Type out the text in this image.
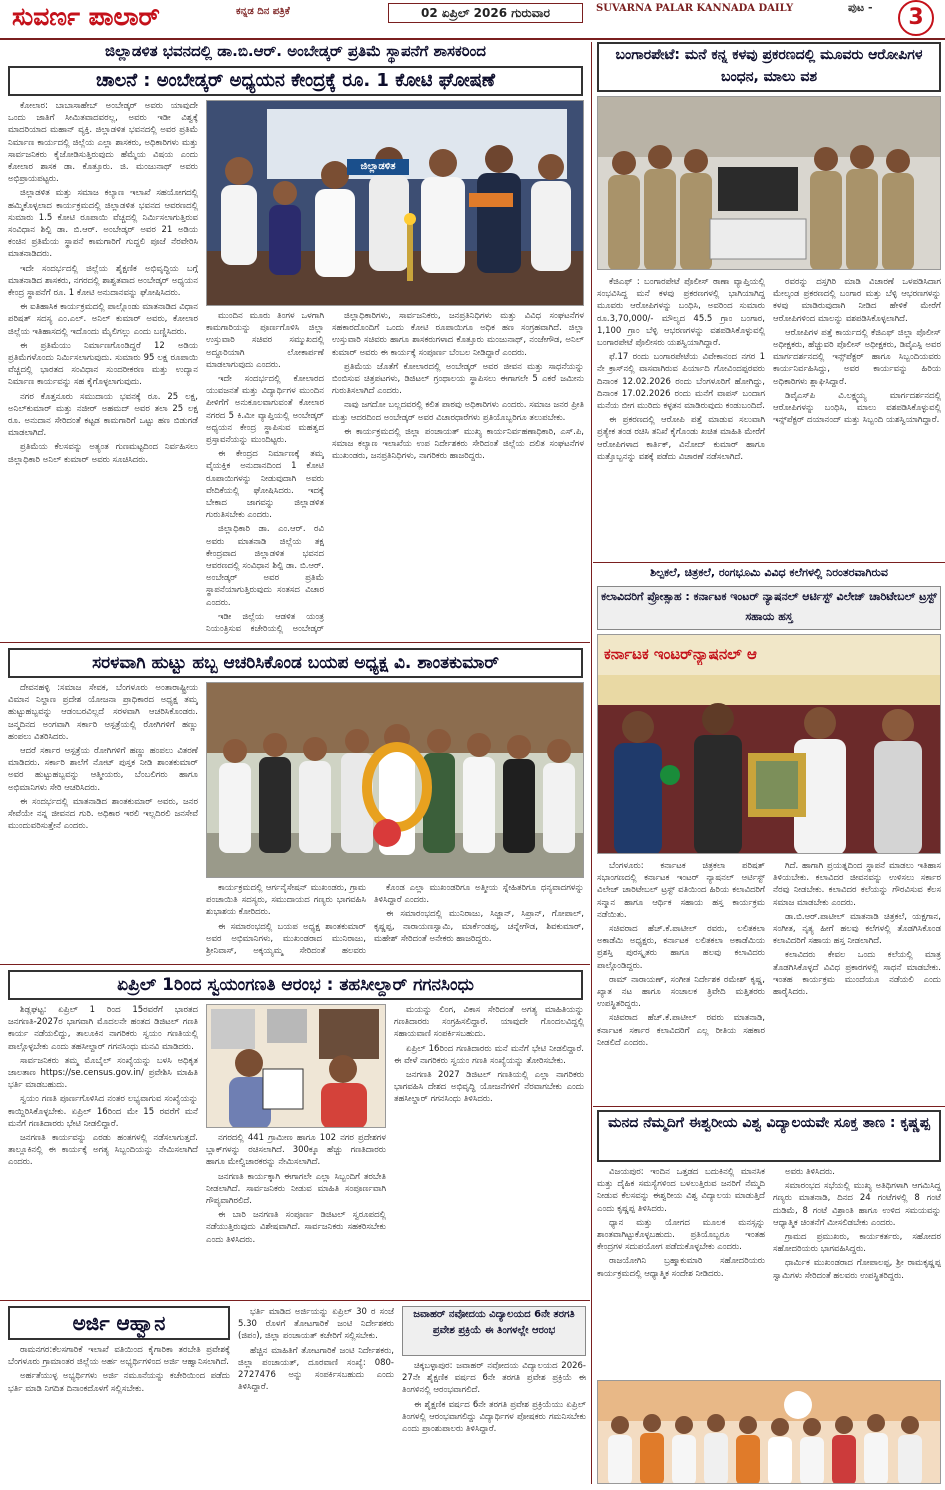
ಸುವರ್ಣ ಪಾಲಾರ್	ಕನ್ನಡ ದಿನ ಪತ್ರಿಕೆ	02 ಏಪ್ರಿಲ್ 2026 ಗುರುವಾರ	SUVARNA PALAR KANNADA DAILY	ಪುಟ -	3
ಜಿಲ್ಲಾಡಳಿತ ಭವನದಲ್ಲಿ ಡಾ.ಬಿ.ಆರ್. ಅಂಬೇಡ್ಕರ್ ಪ್ರತಿಮೆ ಸ್ಥಾಪನೆಗೆ ಶಾಸಕರಿಂದ
ಚಾಲನೆ : ಅಂಬೇಡ್ಕರ್ ಅಧ್ಯಯನ ಕೇಂದ್ರಕ್ಕೆ ರೂ. 1 ಕೋಟಿ ಘೋಷಣೆ

ಕೋಲಾರ: ಬಾಬಾಸಾಹೇಬ್ ಅಂಬೇಡ್ಕರ್ ಅವರು ಯಾವುದೇ ಒಂದು ಜಾತಿಗೆ ಸೀಮಿತವಾದವರಲ್ಲ, ಅವರು ಇಡೀ ವಿಶ್ವಕ್ಕೆ ಮಾದರಿಯಾದ ಮಹಾನ್ ವ್ಯಕ್ತಿ. ಜಿಲ್ಲಾಡಳಿತ ಭವನದಲ್ಲಿ ಅವರ ಪ್ರತಿಮೆ ನಿರ್ಮಾಣ ಕಾರ್ಯದಲ್ಲಿ ಜಿಲ್ಲೆಯ ಎಲ್ಲಾ ಶಾಸಕರು, ಅಧಿಕಾರಿಗಳು ಮತ್ತು ಸಾರ್ವಜನಿಕರು ಕೈಜೋಡಿಸುತ್ತಿರುವುದು ಹೆಮ್ಮೆಯ ವಿಷಯ ಎಂದು ಕೋಲಾರ ಶಾಸಕ ಡಾ. ಕೊತ್ತೂರು. ಜಿ. ಮಂಜುನಾಥ್ ಅವರು ಅಭಿಪ್ರಾಯಪಟ್ಟರು.

ಜಿಲ್ಲಾಡಳಿತ ಮತ್ತು ಸಮಾಜ ಕಲ್ಯಾಣ ಇಲಾಖೆ ಸಹಯೋಗದಲ್ಲಿ ಹಮ್ಮಿಕೊಳ್ಳಲಾದ ಕಾರ್ಯಕ್ರಮದಲ್ಲಿ ಜಿಲ್ಲಾಡಳಿತ ಭವನದ ಆವರಣದಲ್ಲಿ ಸುಮಾರು 1.5 ಕೋಟಿ ರೂಪಾಯಿ ವೆಚ್ಚದಲ್ಲಿ ನಿರ್ಮಿಸಲಾಗುತ್ತಿರುವ ಸಂವಿಧಾನ ಶಿಲ್ಪಿ ಡಾ. ಬಿ.ಆರ್. ಅಂಬೇಡ್ಕರ್ ಅವರ 21 ಅಡಿಯ ಕಂಚಿನ ಪ್ರತಿಮೆಯ ಸ್ಥಾಪನೆ ಕಾಮಗಾರಿಗೆ ಗುದ್ದಲಿ ಪೂಜೆ ನೆರವೇರಿಸಿ ಮಾತನಾಡಿದರು.

ಇದೇ ಸಂದರ್ಭದಲ್ಲಿ ಜಿಲ್ಲೆಯ ಶೈಕ್ಷಣಿಕ ಅಭಿವೃದ್ಧಿಯ ಬಗ್ಗೆ ಮಾತನಾಡಿದ ಶಾಸಕರು, ನಗರದಲ್ಲಿ ಶಾಶ್ವತವಾದ ಅಂಬೇಡ್ಕರ್ ಅಧ್ಯಯನ ಕೇಂದ್ರ ಸ್ಥಾಪನೆಗೆ ರೂ. 1 ಕೋಟಿ ಅನುದಾನವನ್ನು ಘೋಷಿಸಿದರು.

ಈ ಐತಿಹಾಸಿಕ ಕಾರ್ಯಕ್ರಮದಲ್ಲಿ ಪಾಲ್ಗೊಂಡು ಮಾತನಾಡಿದ ವಿಧಾನ ಪರಿಷತ್ ಸದಸ್ಯ ಎಂ.ಎಲ್. ಅನಿಲ್ ಕುಮಾರ್ ಅವರು, ಕೋಲಾರ ಜಿಲ್ಲೆಯ ಇತಿಹಾಸದಲ್ಲಿ ಇದೊಂದು ಮೈಲಿಗಲ್ಲು ಎಂದು ಬಣ್ಣಿಸಿದರು.

ಈ ಪ್ರತಿಮೆಯು ನಿರ್ಮಾಣಗೊಂಡಿದ್ದರೆ 12 ಅಡಿಯ ಪ್ರತಿಮೆಗಳೊಂದು ನಿರ್ಮಿಸಲಾಗುವುದು. ಸುಮಾರು 95 ಲಕ್ಷ ರೂಪಾಯಿ ವೆಚ್ಚದಲ್ಲಿ ಭಾರತದ ಸಂವಿಧಾನ ಸುಂದರೀಕರಣ ಮತ್ತು ಉದ್ಯಾನ ನಿರ್ಮಾಣ ಕಾರ್ಯವನ್ನು ಸಹ ಕೈಗೊಳ್ಳಲಾಗುವುದು.

ನಗರ ಕೊತ್ತನೂರು ಸಮುದಾಯ ಭವನಕ್ಕೆ ರೂ. 25 ಲಕ್ಷ, ಅನಿಲ್‌ಕುಮಾರ್ ಮತ್ತು ನಜೀರ್ ಅಹಮದ್ ಅವರ ತಲಾ 25 ಲಕ್ಷ ರೂ. ಅನುದಾನ ಸೇರಿದಂತೆ ಕಟ್ಟಡ ಕಾಮಗಾರಿಗೆ ಒಟ್ಟು ಹಣ ಬಿಡುಗಡೆ ಮಾಡಲಾಗಿದೆ.

ಪ್ರತಿಮೆಯ ಕೆಲಸವನ್ನು ಅತ್ಯಂತ ಗುಣಮಟ್ಟದಿಂದ ನಿರ್ವಹಿಸಲು ಜಿಲ್ಲಾಧಿಕಾರಿ ಅನಿಲ್ ಕುಮಾರ್ ಅವರು ಸೂಚಿಸಿದರು.

ಜಿಲ್ಲಾಡಳಿತ

ಮುಂದಿನ ಮೂರು ತಿಂಗಳ ಒಳಗಾಗಿ ಕಾಮಗಾರಿಯನ್ನು ಪೂರ್ಣಗೊಳಿಸಿ ಜಿಲ್ಲಾ ಉಸ್ತುವಾರಿ ಸಚಿವರ ಸಮ್ಮುಖದಲ್ಲಿ ಅದ್ದೂರಿಯಾಗಿ ಲೋಕಾರ್ಪಣೆ ಮಾಡಲಾಗುವುದು ಎಂದರು.

ಇದೇ ಸಂದರ್ಭದಲ್ಲಿ ಕೋಲಾರದ ಯುವಜನತೆ ಮತ್ತು ವಿದ್ಯಾರ್ಥಿಗಳ ಮುಂದಿನ ಪೀಳಿಗೆಗೆ ಅನುಕೂಲವಾಗುವಂತೆ ಕೋಲಾರ ನಗರದ 5 ಕಿ.ಮೀ ವ್ಯಾಪ್ತಿಯಲ್ಲಿ ಅಂಬೇಡ್ಕರ್ ಅಧ್ಯಯನ ಕೇಂದ್ರ ಸ್ಥಾಪಿಸುವ ಮಹತ್ವದ ಪ್ರಸ್ತಾವನೆಯನ್ನು ಮುಂದಿಟ್ಟರು.

ಈ ಕೇಂದ್ರದ ನಿರ್ಮಾಣಕ್ಕೆ ತಮ್ಮ ವೈಯಕ್ತಿಕ ಅನುದಾನದಿಂದ 1 ಕೋಟಿ ರೂಪಾಯಿಗಳನ್ನು ನೀಡುವುದಾಗಿ ಅವರು ವೇದಿಕೆಯಲ್ಲಿ ಘೋಷಿಸಿದರು. ಇದಕ್ಕೆ ಬೇಕಾದ ಜಾಗವನ್ನು ಜಿಲ್ಲಾಡಳಿತ ಗುರುತಿಸಬೇಕು ಎಂದರು.

ಜಿಲ್ಲಾಧಿಕಾರಿ ಡಾ. ಎಂ.ಆರ್. ರವಿ ಅವರು ಮಾತನಾಡಿ ಜಿಲ್ಲೆಯ ತಕ್ಷ ಕೇಂದ್ರವಾದ ಜಿಲ್ಲಾಡಳಿತ ಭವನದ ಆವರಣದಲ್ಲಿ ಸಂವಿಧಾನ ಶಿಲ್ಪಿ ಡಾ. ಬಿ.ಆರ್. ಅಂಬೇಡ್ಕರ್ ಅವರ ಪ್ರತಿಮೆ ಸ್ಥಾಪನೆಯಾಗುತ್ತಿರುವುದು ಸಂತಸದ ವಿಚಾರ ಎಂದರು.

ಇಡೀ ಜಿಲ್ಲೆಯ ಆಡಳಿತ ಯಂತ್ರ ನಿಯಂತ್ರಿಸುವ ಕಚೇರಿಯಲ್ಲಿ ಅಂಬೇಡ್ಕರ್

ಜಿಲ್ಲಾಧಿಕಾರಿಗಳು, ಸಾರ್ವಜನಿಕರು, ಜನಪ್ರತಿನಿಧಿಗಳು ಮತ್ತು ವಿವಿಧ ಸಂಘಟನೆಗಳ ಸಹಕಾರದೊಂದಿಗೆ ಒಂದು ಕೋಟಿ ರೂಪಾಯಿಗೂ ಅಧಿಕ ಹಣ ಸಂಗ್ರಹವಾಗಿದೆ. ಜಿಲ್ಲಾ ಉಸ್ತುವಾರಿ ಸಚಿವರು ಹಾಗೂ ಶಾಸಕರುಗಳಾದ ಕೊತ್ತೂರು ಮಂಜುನಾಥ್, ನಂಜೇಗೌಡ, ಅನಿಲ್ ಕುಮಾರ್ ಅವರು ಈ ಕಾರ್ಯಕ್ಕೆ ಸಂಪೂರ್ಣ ಬೆಂಬಲ ನೀಡಿದ್ದಾರೆ ಎಂದರು.

ಪ್ರತಿಮೆಯ ಜೊತೆಗೆ ಕೋಲಾರದಲ್ಲಿ ಅಂಬೇಡ್ಕರ್ ಅವರ ಜೀವನ ಮತ್ತು ಸಾಧನೆಯನ್ನು ಬಿಂಬಿಸುವ ಚಿತ್ರಪಟಗಳು, ಡಿಜಿಟಲ್ ಗ್ರಂಥಾಲಯ ಸ್ಥಾಪಿಸಲು ಈಗಾಗಲೇ 5 ಎಕರೆ ಜಮೀನು ಗುರುತಿಸಲಾಗಿದೆ ಎಂದರು.

ನಾವು ಜಗದೋ ಬಲ್ಲದವರಲ್ಲಿ ಕಲಿತ ಪಾಠವು ಅಧಿಕಾರಿಗಳು ಎಂದರು. ಸಮಾಜ ಜನರ ಪ್ರೀತಿ ಮತ್ತು ಆದರದಿಂದ ಅಂಬೇಡ್ಕರ್ ಅವರ ವಿಚಾರಧಾರೆಗಳು ಪ್ರತಿಯೊಬ್ಬರಿಗೂ ತಲುಪಬೇಕು.

ಈ ಕಾರ್ಯಕ್ರಮದಲ್ಲಿ ಜಿಲ್ಲಾ ಪಂಚಾಯತ್ ಮುಖ್ಯ ಕಾರ್ಯನಿರ್ವಹಣಾಧಿಕಾರಿ, ಎಸ್.ಪಿ, ಸಮಾಜ ಕಲ್ಯಾಣ ಇಲಾಖೆಯ ಉಪ ನಿರ್ದೇಶಕರು ಸೇರಿದಂತೆ ಜಿಲ್ಲೆಯ ದಲಿತ ಸಂಘಟನೆಗಳ ಮುಖಂಡರು, ಜನಪ್ರತಿನಿಧಿಗಳು, ನಾಗರಿಕರು ಹಾಜರಿದ್ದರು.

ಸರಳವಾಗಿ ಹುಟ್ಟು ಹಬ್ಬ ಆಚರಿಸಿಕೊಂಡ ಬಯಪ ಅಧ್ಯಕ್ಷ ವಿ. ಶಾಂತಕುಮಾರ್

ದೇವನಹಳ್ಳಿ :ಸಮಾಜ ಸೇವಕ, ಬೆಂಗಳೂರು ಅಂತಾರಾಷ್ಟ್ರೀಯ ವಿಮಾನ ನಿಲ್ದಾಣ ಪ್ರದೇಶ ಯೋಜನಾ ಪ್ರಾಧಿಕಾರದ ಅಧ್ಯಕ್ಷ ತಮ್ಮ ಹುಟ್ಟುಹಬ್ಬವನ್ನು ಆಡಂಬರವಿಲ್ಲದೆ ಸರಳವಾಗಿ ಆಚರಿಸಿಕೊಂಡರು. ಜನ್ಮದಿನದ ಅಂಗವಾಗಿ ಸರ್ಕಾರಿ ಆಸ್ಪತ್ರೆಯಲ್ಲಿ ರೋಗಿಗಳಿಗೆ ಹಣ್ಣು ಹಂಪಲು ವಿತರಿಸಿದರು.

ಆದರೆ ಸರ್ಕಾರ ಆಸ್ಪತ್ರೆಯ ರೋಗಿಗಳಿಗೆ ಹಣ್ಣು ಹಂಪಲು ವಿತರಣೆ ಮಾಡಿದರು. ಸರ್ಕಾರಿ ಶಾಲೆಗೆ ನೋಟ್ ಪುಸ್ತಕ ನೀಡಿ ಶಾಂತಕುಮಾರ್ ಅವರ ಹುಟ್ಟುಹಬ್ಬವನ್ನು ಆತ್ಮೀಯರು, ಬೆಂಬಲಿಗರು ಹಾಗೂ ಅಭಿಮಾನಿಗಳು ಸೇರಿ ಆಚರಿಸಿದರು.

ಈ ಸಂದರ್ಭದಲ್ಲಿ ಮಾತನಾಡಿದ ಶಾಂತಕುಮಾರ್ ಅವರು, ಜನರ ಸೇವೆಯೇ ನನ್ನ ಜೀವನದ ಗುರಿ. ಅಧಿಕಾರ ಇರಲಿ ಇಲ್ಲದಿರಲಿ ಜನಸೇವೆ ಮುಂದುವರಿಸುತ್ತೇನೆ ಎಂದರು.

ಕಾರ್ಯಕ್ರಮದಲ್ಲಿ ಆರ್ಗನೈಸೇಷನ್ ಮುಖಂಡರು, ಗ್ರಾಮ ಪಂಚಾಯಿತಿ ಸದಸ್ಯರು, ಸಮುದಾಯದ ಗಣ್ಯರು ಭಾಗವಹಿಸಿ ಶುಭಾಶಯ ಕೋರಿದರು.

ಈ ಸಮಾರಂಭದಲ್ಲಿ ಬಯಪ ಅಧ್ಯಕ್ಷ ಶಾಂತಕುಮಾರ್ ಅವರ ಅಭಿಮಾನಿಗಳು, ಮುಖಂಡರಾದ ಮುನಿರಾಜು, ಶ್ರೀನಿವಾಸ್, ಅಕ್ಕಯ್ಯಮ್ಮ ಸೇರಿದಂತೆ ಹಲವರು

ಕೊಂಡ ಎಲ್ಲಾ ಮುಖಂಡರಿಗೂ ಅತ್ಮೀಯ ಸ್ನೇಹಿತರಿಗೂ ಧನ್ಯವಾದಗಳನ್ನು ತಿಳಿಸಿದ್ದಾರೆ ಎಂದರು.

ಈ ಸಮಾರಂಭದಲ್ಲಿ ಮುನಿರಾಜು, ಸಿಜ್ಜಾನ್, ಸಿಪ್ರಾನ್, ಗೋಪಾಲ್, ಕೃಷ್ಣಪ್ಪ, ನಾರಾಯಣಸ್ವಾಮಿ, ಮಾರ್ಕೆಂಡಪ್ಪ, ಚನ್ನೇಗೌಡ, ಶಿವಕುಮಾರ್, ಮಹೇಶ್ ಸೇರಿದಂತೆ ಅನೇಕರು ಹಾಜರಿದ್ದರು.

ಏಪ್ರಿಲ್ 1ರಿಂದ ಸ್ವಯಂಗಣತಿ ಆರಂಭ : ತಹಸೀಲ್ದಾರ್ ಗಗನಸಿಂಧು

ಶಿಡ್ಲಘಟ್ಟ: ಏಪ್ರಿಲ್ 1 ರಿಂದ 15ರವರೆಗೆ ಭಾರತದ ಜನಗಣತಿ-2027ರ ಭಾಗವಾಗಿ ಮೊದಲನೇ ಹಂತದ ಡಿಜಿಟಲ್ ಗಣತಿ ಕಾರ್ಯ ನಡೆಯಲಿದ್ದು, ತಾಲೂಕಿನ ನಾಗರಿಕರು ಸ್ವಯಂ ಗಣತಿಯಲ್ಲಿ ಪಾಲ್ಗೊಳ್ಳಬೇಕು ಎಂದು ತಹಸೀಲ್ದಾರ್ ಗಗನಸಿಂಧು ಮನವಿ ಮಾಡಿದರು.

ಸಾರ್ವಜನಿಕರು ತಮ್ಮ ಮೊಬೈಲ್ ಸಂಖ್ಯೆಯನ್ನು ಬಳಸಿ ಅಧಿಕೃತ ಜಾಲತಾಣ https://se.census.gov.in/ ಪ್ರವೇಶಿಸಿ ಮಾಹಿತಿ ಭರ್ತಿ ಮಾಡಬಹುದು.

ಸ್ವಯಂ ಗಣತಿ ಪೂರ್ಣಗೊಳಿಸಿದ ನಂತರ ಲಭ್ಯವಾಗುವ ಸಂಖ್ಯೆಯನ್ನು ಕಾಯ್ದಿರಿಸಿಕೊಳ್ಳಬೇಕು. ಏಪ್ರಿಲ್ 16ರಿಂದ ಮೇ 15 ರವರೆಗೆ ಮನೆ ಮನೆಗೆ ಗಣತಿದಾರರು ಭೇಟಿ ನೀಡಲಿದ್ದಾರೆ.

ಜನಗಣತಿ ಕಾರ್ಯವನ್ನು ಎರಡು ಹಂತಗಳಲ್ಲಿ ನಡೆಸಲಾಗುತ್ತದೆ. ತಾಲ್ಲೂಕಿನಲ್ಲಿ ಈ ಕಾರ್ಯಕ್ಕೆ ಅಗತ್ಯ ಸಿಬ್ಬಂದಿಯನ್ನು ನೇಮಿಸಲಾಗಿದೆ ಎಂದರು.

ನಗರದಲ್ಲಿ 441 ಗ್ರಾಮೀಣ ಹಾಗೂ 102 ನಗರ ಪ್ರದೇಶಗಳ ಬ್ಲಾಕ್‌ಗಳನ್ನು ರಚಿಸಲಾಗಿದೆ. 300ಕ್ಕೂ ಹೆಚ್ಚು ಗಣತಿದಾರರು ಹಾಗೂ ಮೇಲ್ವಿಚಾರಕರನ್ನು ನೇಮಿಸಲಾಗಿದೆ.

ಜನಗಣತಿ ಕಾರ್ಯಕ್ಕಾಗಿ ಈಗಾಗಲೇ ಎಲ್ಲಾ ಸಿಬ್ಬಂದಿಗೆ ತರಬೇತಿ ನೀಡಲಾಗಿದೆ. ಸಾರ್ವಜನಿಕರು ನೀಡುವ ಮಾಹಿತಿ ಸಂಪೂರ್ಣವಾಗಿ ಗೌಪ್ಯವಾಗಿರಲಿದೆ.

ಈ ಬಾರಿ ಜನಗಣತಿ ಸಂಪೂರ್ಣ ಡಿಜಿಟಲ್ ಸ್ವರೂಪದಲ್ಲಿ ನಡೆಯುತ್ತಿರುವುದು ವಿಶೇಷವಾಗಿದೆ. ಸಾರ್ವಜನಿಕರು ಸಹಕರಿಸಬೇಕು ಎಂದು ತಿಳಿಸಿದರು.

ಮಯನ್ನು ಲಿಂಗ, ವಿಕಾಸ ಸೇರಿದಂತೆ ಅಗತ್ಯ ಮಾಹಿತಿಯನ್ನು ಗಣತಿದಾರರು ಸಂಗ್ರಹಿಸಲಿದ್ದಾರೆ. ಯಾವುದೇ ಗೊಂದಲವಿದ್ದಲ್ಲಿ ಸಹಾಯವಾಣಿ ಸಂಪರ್ಕಿಸಬಹುದು.

ಏಪ್ರಿಲ್ 16ರಿಂದ ಗಣತಿದಾರರು ಮನೆ ಮನೆಗೆ ಭೇಟಿ ನೀಡಲಿದ್ದಾರೆ. ಈ ವೇಳೆ ನಾಗರಿಕರು ಸ್ವಯಂ ಗಣತಿ ಸಂಖ್ಯೆಯನ್ನು ತೋರಿಸಬೇಕು.

ಜನಗಣತಿ 2027 ಡಿಜಿಟಲ್ ಗಣತಿಯಲ್ಲಿ ಎಲ್ಲಾ ನಾಗರಿಕರು ಭಾಗವಹಿಸಿ ದೇಶದ ಅಭಿವೃದ್ಧಿ ಯೋಜನೆಗಳಿಗೆ ನೆರವಾಗಬೇಕು ಎಂದು ತಹಸೀಲ್ದಾರ್ ಗಗನಸಿಂಧು ತಿಳಿಸಿದರು.

ಅರ್ಜಿ ಆಹ್ವಾನ

ರಾಮನಗರ:ಕೆಲಸಗಾರಿಕೆ ಇಲಾಖೆ ವತಿಯಿಂದ ಕೈಗಾರಿಕಾ ತರಬೇತಿ ಪ್ರವೇಶಕ್ಕೆ ಬೆಂಗಳೂರು ಗ್ರಾಮಾಂತರ ಜಿಲ್ಲೆಯ ಅರ್ಹ ಅಭ್ಯರ್ಥಿಗಳಿಂದ ಅರ್ಜಿ ಆಹ್ವಾನಿಸಲಾಗಿದೆ.

ಅರ್ಹತೆಯುಳ್ಳ ಅಭ್ಯರ್ಥಿಗಳು ಅರ್ಜಿ ನಮೂನೆಯನ್ನು ಕಚೇರಿಯಿಂದ ಪಡೆದು ಭರ್ತಿ ಮಾಡಿ ನಿಗದಿತ ದಿನಾಂಕದೊಳಗೆ ಸಲ್ಲಿಸಬೇಕು.

ಭರ್ತಿ ಮಾಡಿದ ಅರ್ಜಿಯನ್ನು ಏಪ್ರಿಲ್ 30 ರ ಸಂಜೆ 5.30 ರೊಳಗೆ ತೋಟಗಾರಿಕೆ ಜಂಟಿ ನಿರ್ದೇಶಕರು (ಜಿಪಂ), ಜಿಲ್ಲಾ ಪಂಚಾಯತ್ ಕಚೇರಿಗೆ ಸಲ್ಲಿಸಬೇಕು.

ಹೆಚ್ಚಿನ ಮಾಹಿತಿಗೆ ತೋಟಗಾರಿಕೆ ಜಂಟಿ ನಿರ್ದೇಶಕರು, ಜಿಲ್ಲಾ ಪಂಚಾಯತ್, ದೂರವಾಣಿ ಸಂಖ್ಯೆ: 080-2727476 ಅನ್ನು ಸಂಪರ್ಕಿಸಬಹುದು ಎಂದು ತಿಳಿಸಿದ್ದಾರೆ.

ಜವಾಹರ್ ನವೋದಯ ವಿದ್ಯಾಲಯದ 6ನೇ ತರಗತಿ ಪ್ರವೇಶ ಪ್ರಕ್ರಿಯೆ ಈ ತಿಂಗಳಲ್ಲೇ ಆರಂಭ

ಚಿಕ್ಕಬಳ್ಳಾಪುರ: ಜವಾಹರ್ ನವೋದಯ ವಿದ್ಯಾಲಯದ 2026-27ನೇ ಶೈಕ್ಷಣಿಕ ವರ್ಷದ 6ನೇ ತರಗತಿ ಪ್ರವೇಶ ಪ್ರಕ್ರಿಯೆ ಈ ತಿಂಗಳಿನಲ್ಲಿ ಆರಂಭವಾಗಲಿದೆ.

ಈ ಶೈಕ್ಷಣಿಕ ವರ್ಷದ 6ನೇ ತರಗತಿ ಪ್ರವೇಶ ಪ್ರಕ್ರಿಯೆಯು ಏಪ್ರಿಲ್ ತಿಂಗಳಲ್ಲಿ ಆರಂಭವಾಗಲಿದ್ದು ವಿದ್ಯಾರ್ಥಿಗಳ ಪೋಷಕರು ಗಮನಿಸಬೇಕು ಎಂದು ಪ್ರಾಂಶುಪಾಲರು ತಿಳಿಸಿದ್ದಾರೆ.

ಬಂಗಾರಪೇಟೆ: ಮನೆ ಕನ್ನ ಕಳವು ಪ್ರಕರಣದಲ್ಲಿ ಮೂವರು ಆರೋಪಿಗಳ ಬಂಧನ, ಮಾಲು ವಶ

ಕೆಜಿಎಫ್ : ಬಂಗಾರಪೇಟೆ ಪೊಲೀಸ್ ಠಾಣಾ ವ್ಯಾಪ್ತಿಯಲ್ಲಿ ಸಂಭವಿಸಿದ್ದ ಮನೆ ಕಳವು ಪ್ರಕರಣಗಳಲ್ಲಿ ಭಾಗಿಯಾಗಿದ್ದ ಮೂವರು ಆರೋಪಿಗಳನ್ನು ಬಂಧಿಸಿ, ಅವರಿಂದ ಸುಮಾರು ರೂ.3,70,000/- ಮೌಲ್ಯದ 45.5 ಗ್ರಾಂ ಬಂಗಾರ, 1,100 ಗ್ರಾಂ ಬೆಳ್ಳಿ ಆಭರಣಗಳನ್ನು ವಶಪಡಿಸಿಕೊಳ್ಳುವಲ್ಲಿ ಬಂಗಾರಪೇಟೆ ಪೊಲೀಸರು ಯಶಸ್ವಿಯಾಗಿದ್ದಾರೆ.

ಫೆ.17 ರಂದು ಬಂಗಾರಪೇಟೆಯ ವಿವೇಕಾನಂದ ನಗರ 1 ನೇ ಕ್ರಾಸ್‌ನಲ್ಲಿ ವಾಸವಾಗಿರುವ ಪಿರ್ಯಾದಿ ಗೋವಿಂದಪ್ಪರವರು ದಿನಾಂಕ 12.02.2026 ರಂದು ಬೆಂಗಳೂರಿಗೆ ಹೋಗಿದ್ದು, ದಿನಾಂಕ 17.02.2026 ರಂದು ಮನೆಗೆ ವಾಪಸ್ ಬಂದಾಗ ಮನೆಯ ಬೀಗ ಮುರಿದು ಕಳ್ಳತನ ಮಾಡಿರುವುದು ಕಂಡುಬಂದಿದೆ.

ಈ ಪ್ರಕರಣದಲ್ಲಿ ಆರೋಪಿ ಪತ್ತೆ ಮಾಡುವ ಸಲುವಾಗಿ ಪ್ರತ್ಯೇಕ ತಂಡ ರಚಿಸಿ ತನಿಖೆ ಕೈಗೊಂಡು ಖಚಿತ ಮಾಹಿತಿ ಮೇರೆಗೆ ಆರೋಪಿಗಳಾದ ಕಾರ್ತಿಕ್, ವಿನೋದ್ ಕುಮಾರ್ ಹಾಗೂ ಮತ್ತೊಬ್ಬನನ್ನು ವಶಕ್ಕೆ ಪಡೆದು ವಿಚಾರಣೆ ನಡೆಸಲಾಗಿದೆ.

ರವರನ್ನು ದಸ್ತಗಿರಿ ಮಾಡಿ ವಿಚಾರಣೆ ಒಳಪಡಿಸಿದಾಗ ಮೇಲ್ಕಂಡ ಪ್ರಕರಣದಲ್ಲಿ ಬಂಗಾರ ಮತ್ತು ಬೆಳ್ಳಿ ಆಭರಣಗಳನ್ನು ಕಳವು ಮಾಡಿರುವುದಾಗಿ ನೀಡಿದ ಹೇಳಿಕೆ ಮೇರೆಗೆ ಆರೋಪಿಗಳಿಂದ ಮಾಲನ್ನು ವಶಪಡಿಸಿಕೊಳ್ಳಲಾಗಿದೆ.

ಆರೋಪಿಗಳ ಪತ್ತೆ ಕಾರ್ಯದಲ್ಲಿ ಕೆಜಿಎಫ್ ಜಿಲ್ಲಾ ಪೊಲೀಸ್ ಅಧೀಕ್ಷಕರು, ಹೆಚ್ಚುವರಿ ಪೊಲೀಸ್ ಅಧೀಕ್ಷಕರು, ಡಿವೈಎಸ್ಪಿ ಅವರ ಮಾರ್ಗದರ್ಶನದಲ್ಲಿ ಇನ್ಸ್‌ಪೆಕ್ಟರ್ ಹಾಗೂ ಸಿಬ್ಬಂದಿಯವರು ಕಾರ್ಯನಿರ್ವಹಿಸಿದ್ದು, ಅವರ ಕಾರ್ಯವನ್ನು ಹಿರಿಯ ಅಧಿಕಾರಿಗಳು ಶ್ಲಾಘಿಸಿದ್ದಾರೆ.

ಡಿವೈಎಸ್‌ಪಿ ವಿ.ಲಕ್ಷ್ಮಯ್ಯ ಮಾರ್ಗದರ್ಶನದಲ್ಲಿ ಆರೋಪಿಗಳನ್ನು ಬಂಧಿಸಿ, ಮಾಲು ವಶಪಡಿಸಿಕೊಳ್ಳುವಲ್ಲಿ ಇನ್ಸ್‌ಪೆಕ್ಟರ್ ದಯಾನಂದ್ ಮತ್ತು ಸಿಬ್ಬಂದಿ ಯಶಸ್ವಿಯಾಗಿದ್ದಾರೆ.

ಶಿಲ್ಪಕಲೆ, ಚಿತ್ರಕಲೆ, ರಂಗಭೂಮಿ ವಿವಿಧ ಕಲೆಗಳಲ್ಲಿ ನಿರಂತರವಾಗಿರುವ
ಕಲಾವಿದರಿಗೆ ಪ್ರೋತ್ಸಾಹ : ಕರ್ನಾಟಕ ಇಂಟರ್ ನ್ಯಾಷನಲ್ ಆರ್ಟಿಸ್ಟ್ ವಿಲೇಜ್ ಚಾರಿಟೇಬಲ್ ಟ್ರಸ್ಟ್ ಸಹಾಯ ಹಸ್ತ
ಕರ್ನಾಟಕ ಇಂಟರ್‌ನ್ಯಾಷನಲ್ ಆ

ಬೆಂಗಳೂರು: ಕರ್ನಾಟಕ ಚಿತ್ರಕಲಾ ಪರಿಷತ್ ಸಭಾಂಗಣದಲ್ಲಿ ಕರ್ನಾಟಕ ಇಂಟರ್ ನ್ಯಾಷನಲ್ ಆರ್ಟಿಸ್ಟ್ ವಿಲೇಜ್ ಚಾರಿಟೇಬಲ್ ಟ್ರಸ್ಟ್ ವತಿಯಿಂದ ಹಿರಿಯ ಕಲಾವಿದರಿಗೆ ಸನ್ಮಾನ ಹಾಗೂ ಆರ್ಥಿಕ ಸಹಾಯ ಹಸ್ತ ಕಾರ್ಯಕ್ರಮ ನಡೆಯಿತು.

ಸಚಿವರಾದ ಹೆಚ್.ಕೆ.ಪಾಟೀಲ್ ರವರು, ಲಲಿತಕಲಾ ಅಕಾಡೆಮಿ ಅಧ್ಯಕ್ಷರು, ಕರ್ನಾಟಕ ಲಲಿತಕಲಾ ಅಕಾಡೆಮಿಯ ಪ್ರಶಸ್ತಿ ಪುರಸ್ಕೃತರು ಹಾಗೂ ಹಲವು ಕಲಾವಿದರು ಪಾಲ್ಗೊಂಡಿದ್ದರು.

ರಾಮ್ ನಾರಾಯಣ್, ಸಂಗೀತ ನಿರ್ದೇಶಕ ರಮೇಶ್ ಕೃಷ್ಣ, ಖ್ಯಾತ ನಟ ಹಾಗೂ ಸಂಚಾಲಕ ತ್ರಿವೇದಿ ಮತ್ತಿತರರು ಉಪಸ್ಥಿತರಿದ್ದರು.

ಸಚಿವರಾದ ಹೆಚ್.ಕೆ.ಪಾಟೀಲ್ ರವರು ಮಾತನಾಡಿ, ಕರ್ನಾಟಕ ಸರ್ಕಾರ ಕಲಾವಿದರಿಗೆ ಎಲ್ಲ ರೀತಿಯ ಸಹಕಾರ ನೀಡಲಿದೆ ಎಂದರು.

ಗಿದೆ. ಹಾಗಾಗಿ ಪ್ರಯತ್ನದಿಂದ ಸ್ಥಾಪನೆ ಮಾಡಲು ಇತಿಹಾಸ ತಿಳಿಯಬೇಕು. ಕಲಾವಿದರ ಜೀವನವನ್ನು ಉಳಿಸಲು ಸರ್ಕಾರ ನೆರವು ನೀಡಬೇಕು. ಕಲಾವಿದರ ಕಲೆಯನ್ನು ಗೌರವಿಸುವ ಕೆಲಸ ಸಮಾಜ ಮಾಡಬೇಕು ಎಂದರು.

ಡಾ.ಬಿ.ಆರ್.ಪಾಟೀಲ್ ಮಾತನಾಡಿ ಚಿತ್ರಕಲೆ, ಯಕ್ಷಗಾನ, ಸಂಗೀತ, ನೃತ್ಯ ಹೀಗೆ ಹಲವು ಕಲೆಗಳಲ್ಲಿ ತೊಡಗಿಸಿಕೊಂಡ ಕಲಾವಿದರಿಗೆ ಸಹಾಯ ಹಸ್ತ ನೀಡಲಾಗಿದೆ.

ಕಲಾವಿದರು ಕೇವಲ ಒಂದು ಕಲೆಯಲ್ಲಿ ಮಾತ್ರ ತೊಡಗಿಸಿಕೊಳ್ಳದೆ ವಿವಿಧ ಪ್ರಕಾರಗಳಲ್ಲಿ ಸಾಧನೆ ಮಾಡಬೇಕು. ಇಂತಹ ಕಾರ್ಯಕ್ರಮ ಮುಂದೆಯೂ ನಡೆಯಲಿ ಎಂದು ಹಾರೈಸಿದರು.

ಮನದ ನೆಮ್ಮದಿಗೆ ಈಶ್ವರೀಯ ವಿಶ್ವ ವಿದ್ಯಾಲಯವೇ ಸೂಕ್ತ ತಾಣ : ಕೃಷ್ಣಪ್ಪ

ವಿಜಯಪುರ: ಇಂದಿನ ಒತ್ತಡದ ಬದುಕಿನಲ್ಲಿ ಮಾನಸಿಕ ಮತ್ತು ದೈಹಿಕ ಸಮಸ್ಯೆಗಳಿಂದ ಬಳಲುತ್ತಿರುವ ಜನರಿಗೆ ನೆಮ್ಮದಿ ನೀಡುವ ಕೆಲಸವನ್ನು ಈಶ್ವರೀಯ ವಿಶ್ವ ವಿದ್ಯಾಲಯ ಮಾಡುತ್ತಿದೆ ಎಂದು ಕೃಷ್ಣಪ್ಪ ತಿಳಿಸಿದರು.

ಧ್ಯಾನ ಮತ್ತು ಯೋಗದ ಮೂಲಕ ಮನಸ್ಸನ್ನು ಶಾಂತವಾಗಿಟ್ಟುಕೊಳ್ಳಬಹುದು. ಪ್ರತಿಯೊಬ್ಬರೂ ಇಂತಹ ಕೇಂದ್ರಗಳ ಸದುಪಯೋಗ ಪಡೆದುಕೊಳ್ಳಬೇಕು ಎಂದರು.

ರಾಜಯೋಗಿನಿ ಬ್ರಹ್ಮಾಕುಮಾರಿ ಸಹೋದರಿಯರು ಕಾರ್ಯಕ್ರಮದಲ್ಲಿ ಆಧ್ಯಾತ್ಮಿಕ ಸಂದೇಶ ನೀಡಿದರು.

ಅವರು ತಿಳಿಸಿದರು.

ಸಮಾರಂಭದ ಸಭೆಯಲ್ಲಿ ಮುಖ್ಯ ಅತಿಥಿಗಳಾಗಿ ಆಗಮಿಸಿದ್ದ ಗಣ್ಯರು ಮಾತನಾಡಿ, ದಿನದ 24 ಗಂಟೆಗಳಲ್ಲಿ 8 ಗಂಟೆ ದುಡಿಮೆ, 8 ಗಂಟೆ ವಿಶ್ರಾಂತಿ ಹಾಗೂ ಉಳಿದ ಸಮಯವನ್ನು ಆಧ್ಯಾತ್ಮಿಕ ಚಿಂತನೆಗೆ ಮೀಸಲಿಡಬೇಕು ಎಂದರು.

ಗ್ರಾಮದ ಪ್ರಮುಖರು, ಕಾರ್ಯಕರ್ತರು, ಸಹೋದರ ಸಹೋದರಿಯರು ಭಾಗವಹಿಸಿದ್ದರು.

ಧಾರ್ಮಿಕ ಮುಖಂಡರಾದ ಗೋಪಾಲಪ್ಪ, ಶ್ರೀ ರಾಮಕೃಷ್ಣಪ್ಪ ಸ್ವಾಮಿಗಳು ಸೇರಿದಂತೆ ಹಲವರು ಉಪಸ್ಥಿತರಿದ್ದರು.
